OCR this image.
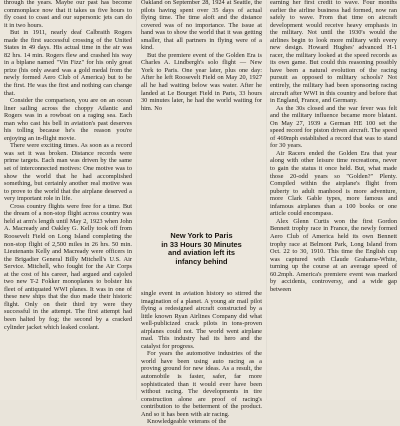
through the years. Maybe our past has become commonplace now that it takes us five hours to fly coast to coast and our supersonic jets can do it in two hours.

But in 1911, nearly deaf Calbraith Rogers made the first successful crossing of the United States in 49 days. His actual time in the air was 82 hrs. 14 min. Rogers flew and crashed his way in a biplane named "Vin Fizz" for his only great prize (his only award was a gold medal from the newly formed Aero Club of America) but to be the first. He was the first and nothing can change that.

Consider the comparison, you are on an ocean liner sailing across the choppy Atlantic and Rogers was in a rowboat on a raging sea. Each man who cast his bell in aviation's past deserves his tolling because he's the reason you're enjoying an in-flight movie.

There were exciting times. As soon as a record was set it was broken. Distance records were prime targets. Each man was driven by the same set of interconnected motives: One motive was to show the world that he had accomplished something, but certainly another real motive was to prove to the world that the airplane deserved a very important role in life.

Cross country flights were free for a time. But the dream of a non-stop flight across country was held at arm's length until May 2, 1923 when John A. Macready and Oakley G. Kelly took off from Roosevelt Field on Long Island completing the non-stop flight of 2,500 miles in 26 hrs. 50 min. Lieutenants Kelly and Macready were officers in the Brigadier General Billy Mitchell's U.S. Air Service. Mitchell, who fought for the Air Corps at the cost of his career, had argued and cajoled two new T-2 Fokker monoplanes to bolster his fleet of antiquated WWI planes. It was in one of these new ships that the duo made their historic flight. Only on their third try were they successful in the attempt. The first attempt had been halted by fog; the second by a cracked cylinder jacket which leaked coolant.

Oakland on September 28, 1924 at Seattle, the pilots having spent over 35 days of actual flying time. The time aloft and the distance covered was of no importance. The issue at hand was to show the world that it was getting smaller, that all partners in flying were of a kind.

But the premiere event of the Golden Era is Charles A. Lindbergh's solo flight — New York to Paris. One year later, plus one day: After he left Roosevelt Field on May 20, 1927 all he had waiting below was water. After he landed at Le Bourget Field in Paris, 33 hours 30 minutes later, he had the world waiting for him. No

single event in aviation history so stirred the imagination of a planet. A young air mail pilot flying a redesigned aircraft constructed by a little known Ryan Airlines Company did what well-publicized crack pilots in tons-proven airplanes could not. The world went airplane mad. This industry had its hero and the catalyst for progress.

For years the automotive industries of the world have been using auto racing as a proving ground for new ideas. As a result, the automobile is faster, safer, far more sophisticated than it would ever have been without racing. The developments in tire construction alone are proof of racing's contribution to the betterment of the product. And so it has been with air racing.

Knowledgeable veterans of the

New York to Paris
in 33 Hours 30 Minutes
and aviation left its
infancy behind

earning her first credit to wave. Four months earlier the airline business had formed, now ran safely to wave. From that time on aircraft development would receive heavy emphasis in the military. Not until the 1930's would the airlines begin to look more military with every new design. Howard Hughes' advanced H-1 racer, the military looked at the speed records as its own game. But could this reasoning possibly have been a natural evolution of the racing pursuit as opposed to military schools? Not entirely, the military had been sponsoring racing aircraft after WWI in this country and before that in England, France, and Germany.

As the 30s closed and the war fever was felt and the military influence became more blatant. On May 27, 1939 a German HE 100 set the speed record for piston driven aircraft. The speed of 469mph established a record that was to stand for 30 years.

Air Racers ended the Golden Era that year along with other leisure time recreations, never to gain the status it once held. But, what made those 20-odd years so "Golden?" Plenty. Compiled within the airplane's flight from puberty to adult manhood is more adventure, more Clark Gable types, more famous and infamous airplanes than a 100 books or one article could encompass.

Alex Glenn Curtis won the first Gordon Bennett trophy race in France, the newly formed Aero Club of America held its own Bennett trophy race at Belmont Park, Long Island from Oct. 22 to 30, 1910. This time the English cup was captured with Claude Grahame-White, turning up the course at an average speed of 60.2mph. America's premiere event was marked by accidents, controversy, and a wide gap between
